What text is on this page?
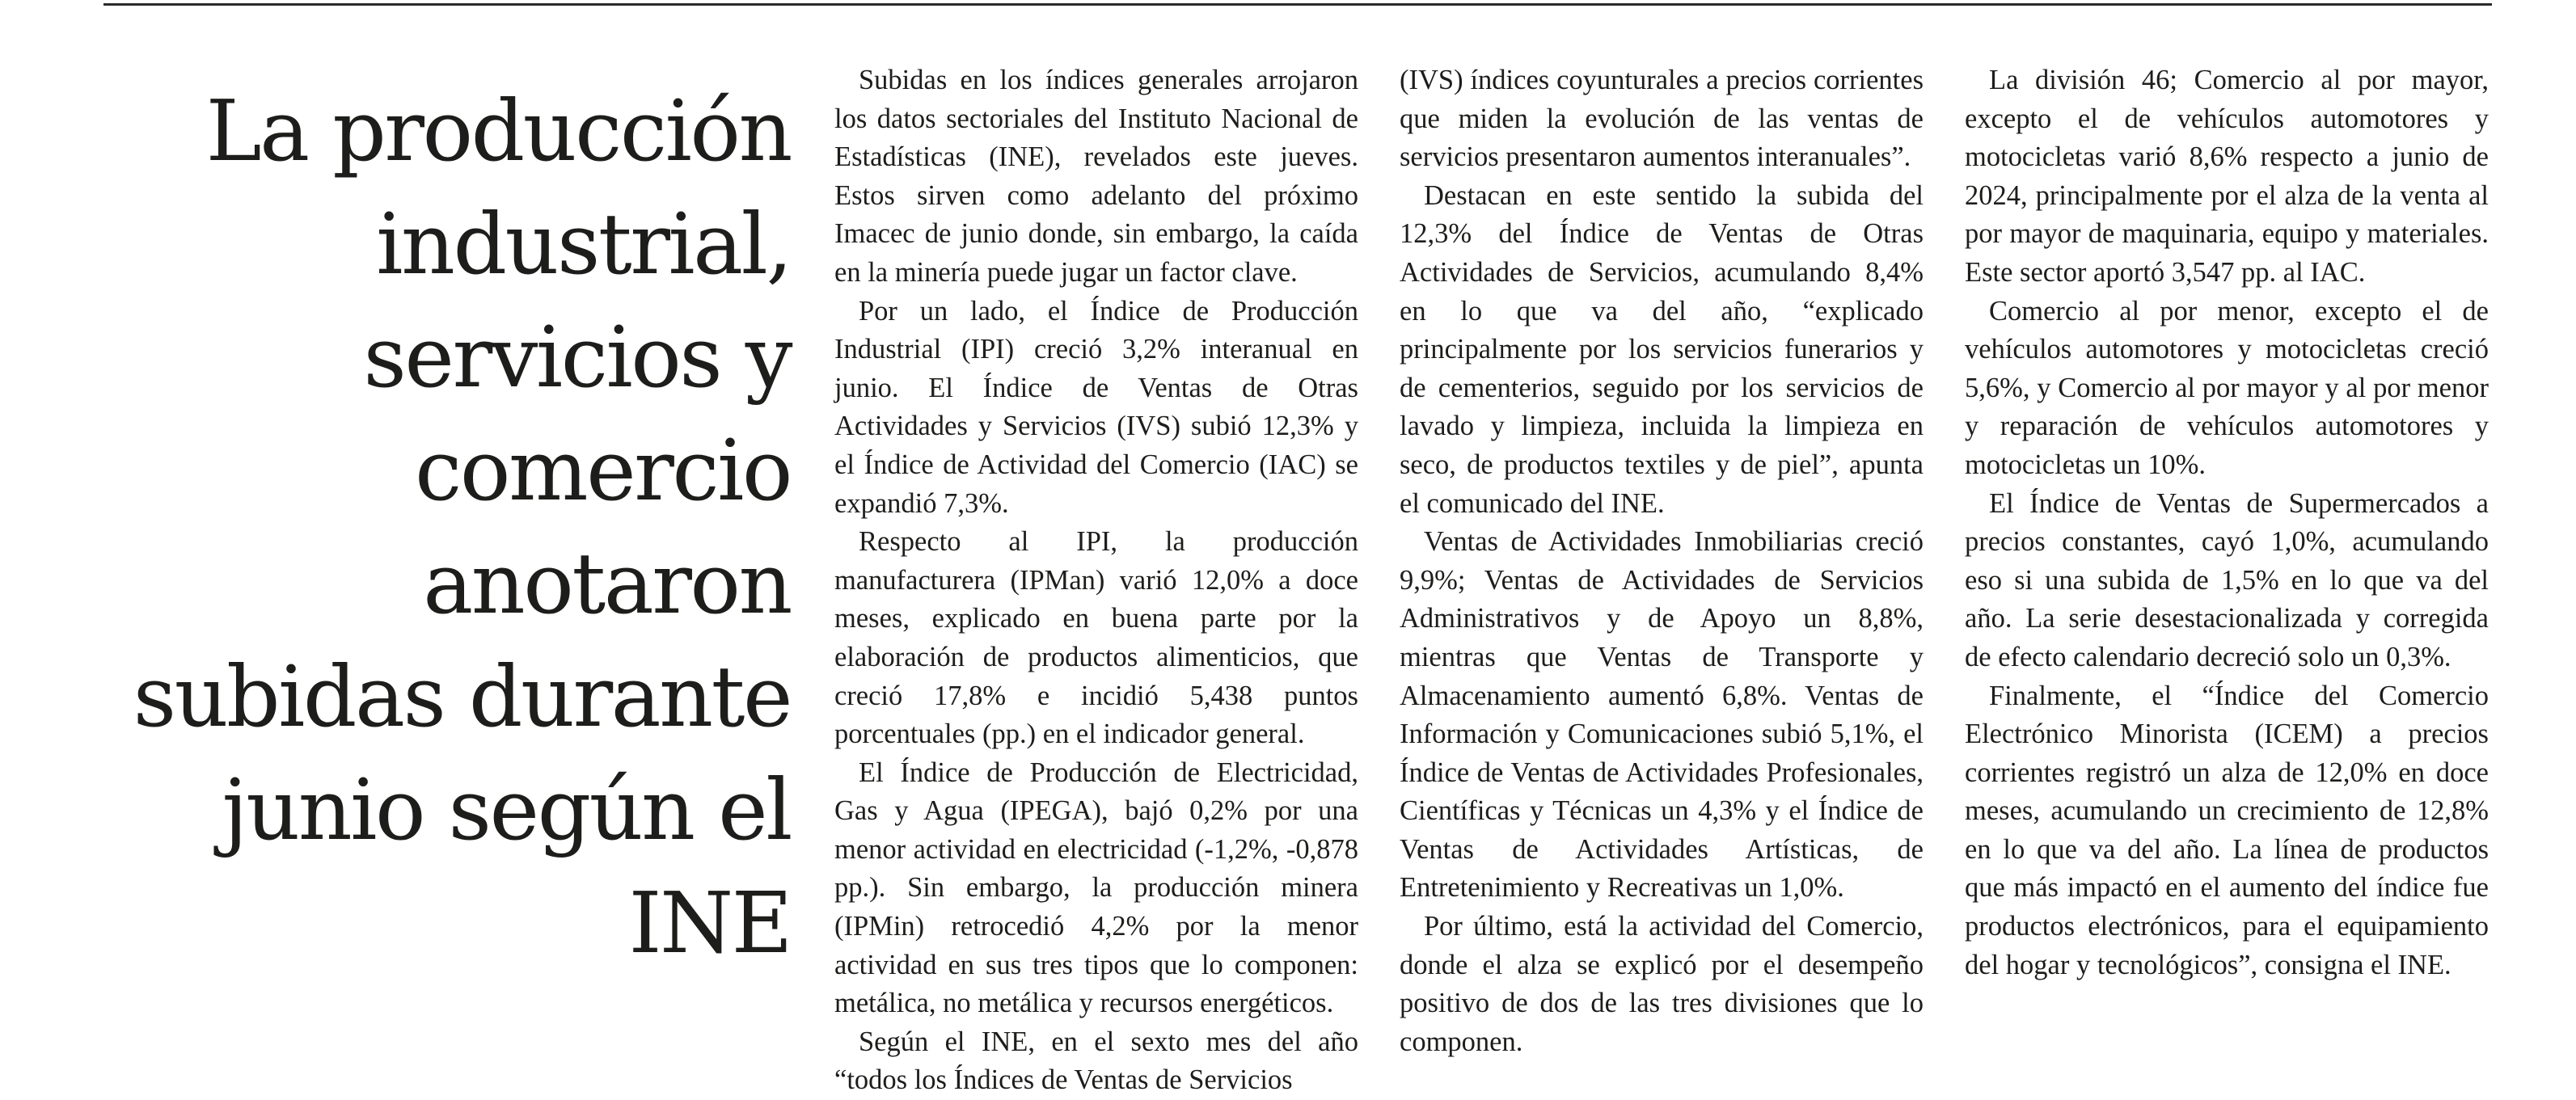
La producción industrial, servicios y comercio anotaron subidas durante junio según el INE

Subidas en los índices generales arrojaron los datos sectoriales del Instituto Nacional de Estadísticas (INE), revelados este jueves. Estos sirven como adelanto del próximo Imacec de junio donde, sin embargo, la caída en la minería puede jugar un factor clave.

Por un lado, el Índice de Producción Industrial (IPI) creció 3,2% interanual en junio. El Índice de Ventas de Otras Actividades y Servicios (IVS) subió 12,3% y el Índice de Actividad del Comercio (IAC) se expandió 7,3%.

Respecto al IPI, la producción manufacturera (IPMan) varió 12,0% a doce meses, explicado en buena parte por la elaboración de productos alimenticios, que creció 17,8% e incidió 5,438 puntos porcentuales (pp.) en el indicador general.

El Índice de Producción de Electricidad, Gas y Agua (IPEGA), bajó 0,2% por una menor actividad en electricidad (-1,2%, -0,878 pp.). Sin embargo, la producción minera (IPMin) retrocedió 4,2% por la menor actividad en sus tres tipos que lo componen: metálica, no metálica y recursos energéticos.

Según el INE, en el sexto mes del año “todos los Índices de Ventas de Servicios

(IVS) índices coyunturales a precios corrientes que miden la evolución de las ventas de servicios presentaron aumentos interanuales”.

Destacan en este sentido la subida del 12,3% del Índice de Ventas de Otras Actividades de Servicios, acumulando 8,4% en lo que va del año, “explicado principalmente por los servicios funerarios y de cementerios, seguido por los servicios de lavado y limpieza, incluida la limpieza en seco, de productos textiles y de piel”, apunta el comunicado del INE.

Ventas de Actividades Inmobiliarias creció 9,9%; Ventas de Actividades de Servicios Administrativos y de Apoyo un 8,8%, mientras que Ventas de Transporte y Almacenamiento aumentó 6,8%. Ventas de Información y Comunicaciones subió 5,1%, el Índice de Ventas de Actividades Profesionales, Científicas y Técnicas un 4,3% y el Índice de Ventas de Actividades Artísticas, de Entretenimiento y Recreativas un 1,0%.

Por último, está la actividad del Comercio, donde el alza se explicó por el desempeño positivo de dos de las tres divisiones que lo componen.

La división 46; Comercio al por mayor, excepto el de vehículos automotores y motocicletas varió 8,6% respecto a junio de 2024, principalmente por el alza de la venta al por mayor de maquinaria, equipo y materiales. Este sector aportó 3,547 pp. al IAC.

Comercio al por menor, excepto el de vehículos automotores y motocicletas creció 5,6%, y Comercio al por mayor y al por menor y reparación de vehículos automotores y motocicletas un 10%.

El Índice de Ventas de Supermercados a precios constantes, cayó 1,0%, acumulando eso si una subida de 1,5% en lo que va del año. La serie desestacionalizada y corregida de efecto calendario decreció solo un 0,3%.

Finalmente, el “Índice del Comercio Electrónico Minorista (ICEM) a precios corrientes registró un alza de 12,0% en doce meses, acumulando un crecimiento de 12,8% en lo que va del año. La línea de productos que más impactó en el aumento del índice fue productos electrónicos, para el equipamiento del hogar y tecnológicos”, consigna el INE.
